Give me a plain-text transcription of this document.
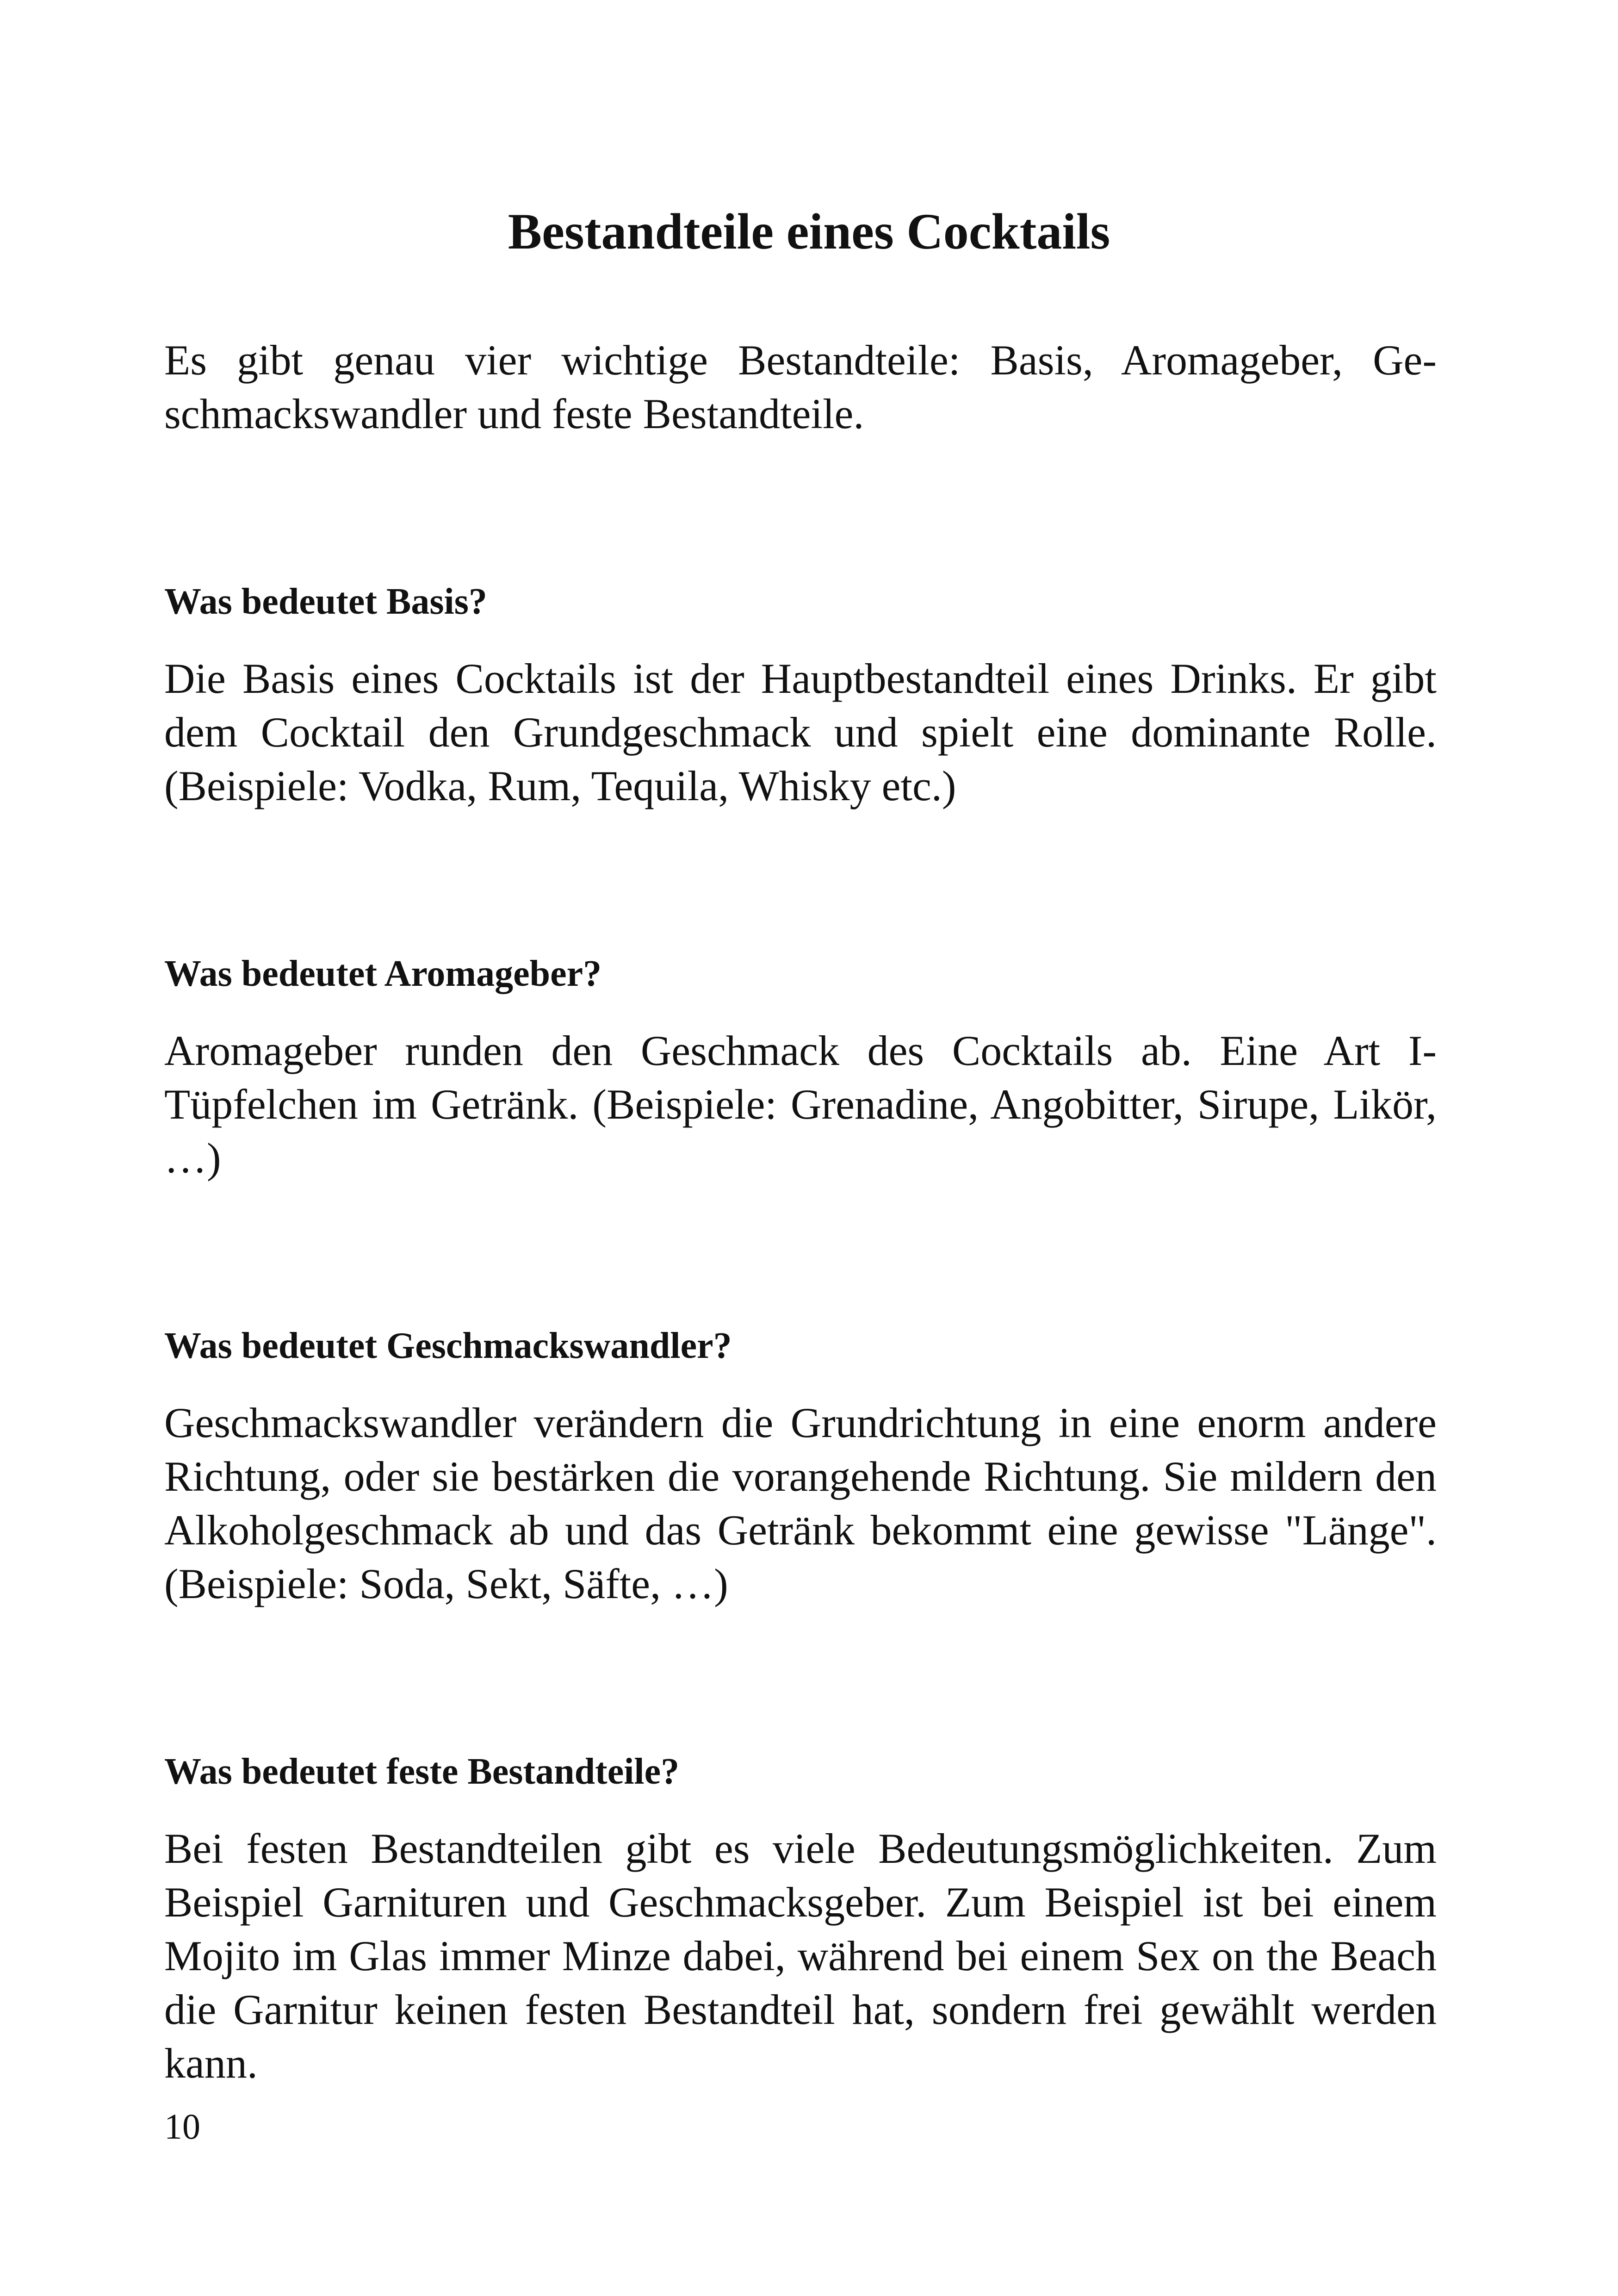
Bestandteile eines Cocktails

Es gibt genau vier wichtige Bestandteile: Basis, Aromageber, Geschmackswandler und feste Bestandteile.

Was bedeutet Basis?

Die Basis eines Cocktails ist der Hauptbestandteil eines Drinks. Er gibt dem Cocktail den Grundgeschmack und spielt eine dominante Rolle. (Beispiele: Vodka, Rum, Tequila, Whisky etc.)

Was bedeutet Aromageber?

Aromageber runden den Geschmack des Cocktails ab. Eine Art I-Tüpfelchen im Getränk. (Beispiele: Grenadine, Angobitter, Sirupe, Likör, …)

Was bedeutet Geschmackswandler?

Geschmackswandler verändern die Grundrichtung in eine enorm andere Richtung, oder sie bestärken die vorangehende Richtung. Sie mildern den Alkoholgeschmack ab und das Getränk bekommt eine gewisse "Länge". (Beispiele: Soda, Sekt, Säfte, …)

Was bedeutet feste Bestandteile?

Bei festen Bestandteilen gibt es viele Bedeutungsmöglichkeiten. Zum Beispiel Garnituren und Geschmacksgeber. Zum Beispiel ist bei einem Mojito im Glas immer Minze dabei, während bei einem Sex on the Beach die Garnitur keinen festen Bestandteil hat, sondern frei gewählt werden kann.

10
